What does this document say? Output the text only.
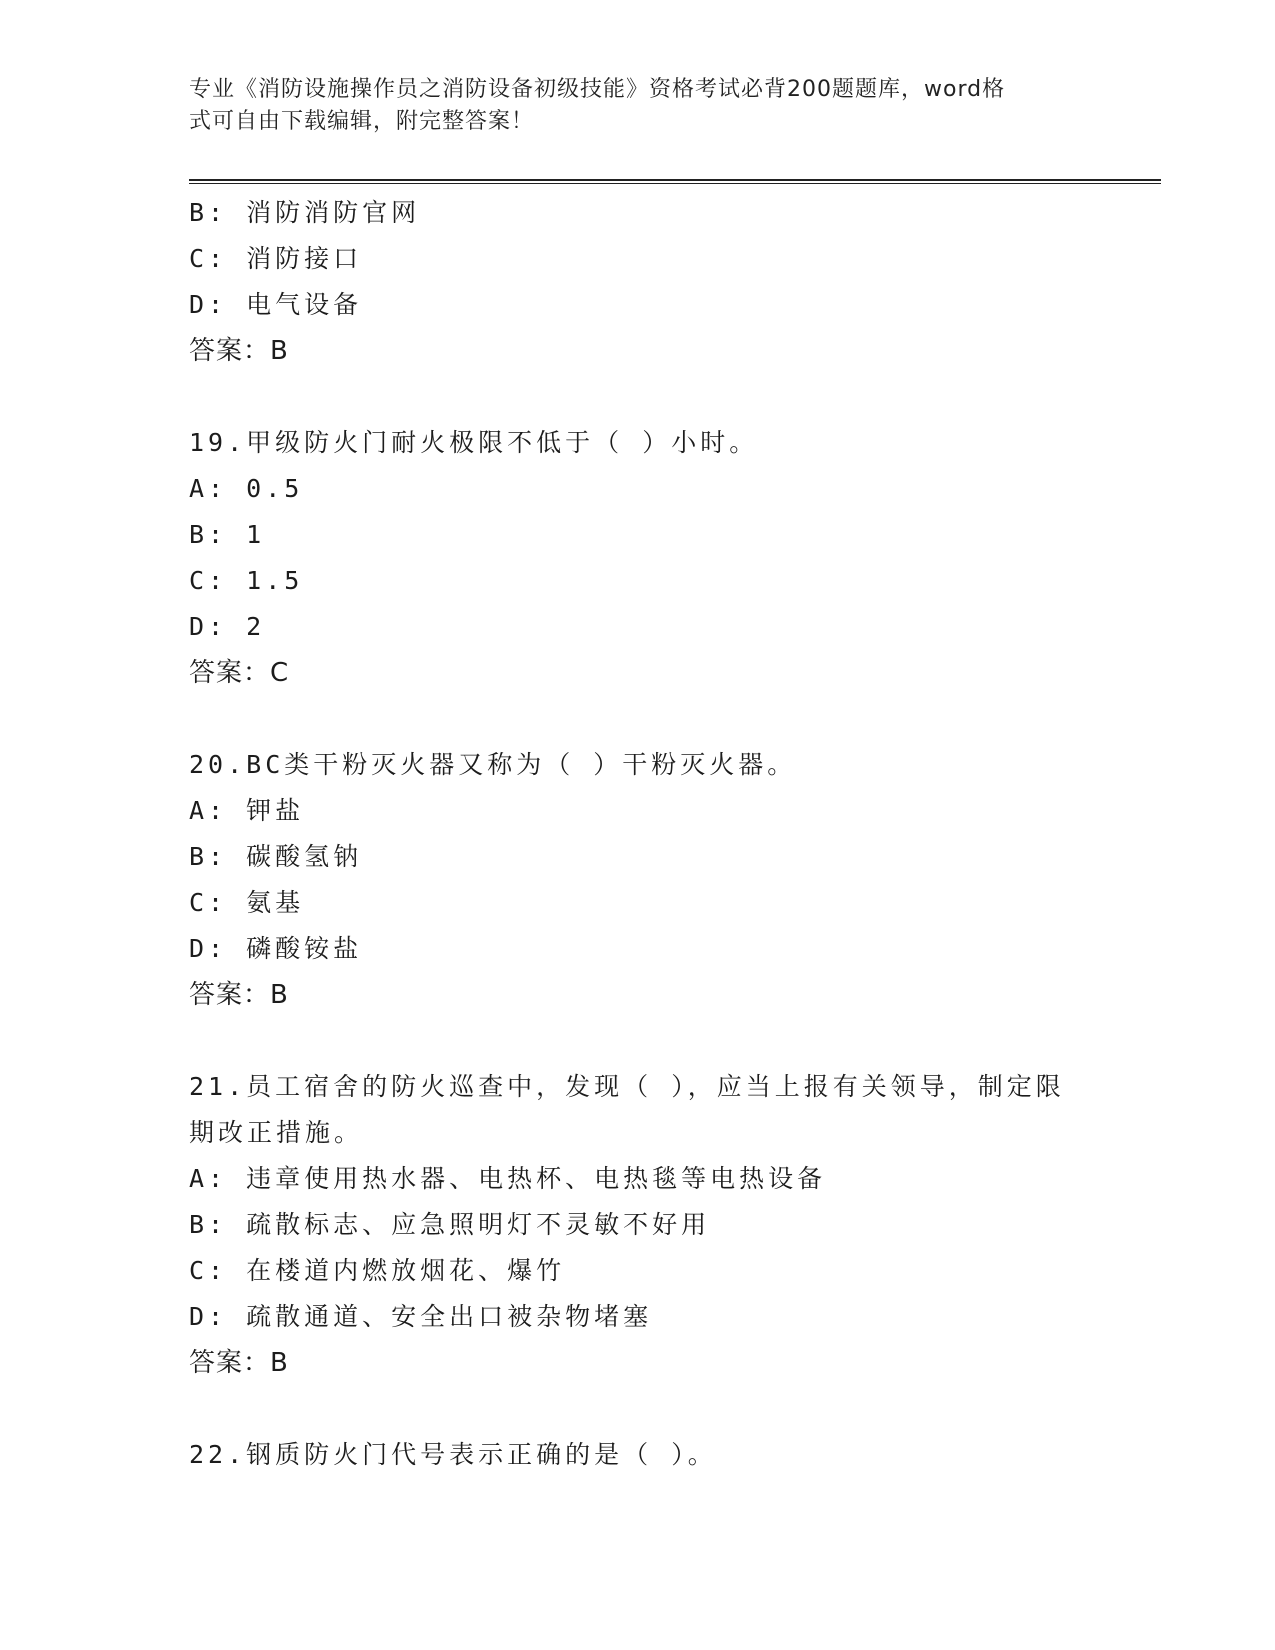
专业《消防设施操作员之消防设备初级技能》资格考试必背200题题库，word格
式可自由下载编辑，附完整答案！
B: 消防消防官网
C: 消防接口
D: 电气设备
答案：B
19.甲级防火门耐火极限不低于（ ）小时。
A: 0.5
B: 1
C: 1.5
D: 2
答案：C
20.BC类干粉灭火器又称为（ ）干粉灭火器。
A: 钾盐
B: 碳酸氢钠
C: 氨基
D: 磷酸铵盐
答案：B
21.员工宿舍的防火巡查中，发现（ ），应当上报有关领导，制定限
期改正措施。
A: 违章使用热水器、电热杯、电热毯等电热设备
B: 疏散标志、应急照明灯不灵敏不好用
C: 在楼道内燃放烟花、爆竹
D: 疏散通道、安全出口被杂物堵塞
答案：B
22.钢质防火门代号表示正确的是（ ）。
